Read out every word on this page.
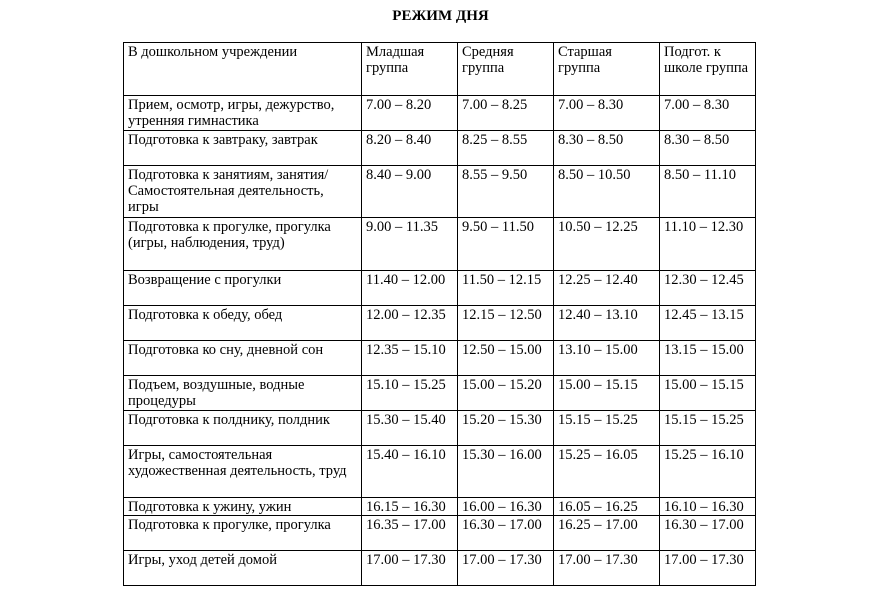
РЕЖИМ ДНЯ
В дошкольном учреждении	Младшая группа	Средняя группа	Старшая группа	Подгот. к школе группа
Прием, осмотр, игры, дежурство, утренняя гимнастика	7.00 – 8.20	7.00 – 8.25	7.00 – 8.30	7.00 – 8.30
Подготовка к завтраку, завтрак	8.20 – 8.40	8.25 – 8.55	8.30 – 8.50	8.30 – 8.50
Подготовка к занятиям, занятия/ Самостоятельная деятельность, игры	8.40 – 9.00	8.55 – 9.50	8.50 – 10.50	8.50 – 11.10
Подготовка к прогулке, прогулка (игры, наблюдения, труд)	9.00 – 11.35	9.50 – 11.50	10.50 – 12.25	11.10 – 12.30
Возвращение с прогулки	11.40 – 12.00	11.50 – 12.15	12.25 – 12.40	12.30 – 12.45
Подготовка к обеду, обед	12.00 – 12.35	12.15 – 12.50	12.40 – 13.10	12.45 – 13.15
Подготовка ко сну, дневной сон	12.35 – 15.10	12.50 – 15.00	13.10 – 15.00	13.15 – 15.00
Подъем, воздушные, водные процедуры	15.10 – 15.25	15.00 – 15.20	15.00 – 15.15	15.00 – 15.15
Подготовка к полднику, полдник	15.30 – 15.40	15.20 – 15.30	15.15 – 15.25	15.15 – 15.25
Игры, самостоятельная художественная деятельность, труд	15.40 – 16.10	15.30 – 16.00	15.25 – 16.05	15.25 – 16.10
Подготовка к ужину, ужин	16.15 – 16.30	16.00 – 16.30	16.05 – 16.25	16.10 – 16.30
Подготовка к прогулке, прогулка	16.35 – 17.00	16.30 – 17.00	16.25 – 17.00	16.30 – 17.00
Игры, уход детей домой	17.00 – 17.30	17.00 – 17.30	17.00 – 17.30	17.00 – 17.30
